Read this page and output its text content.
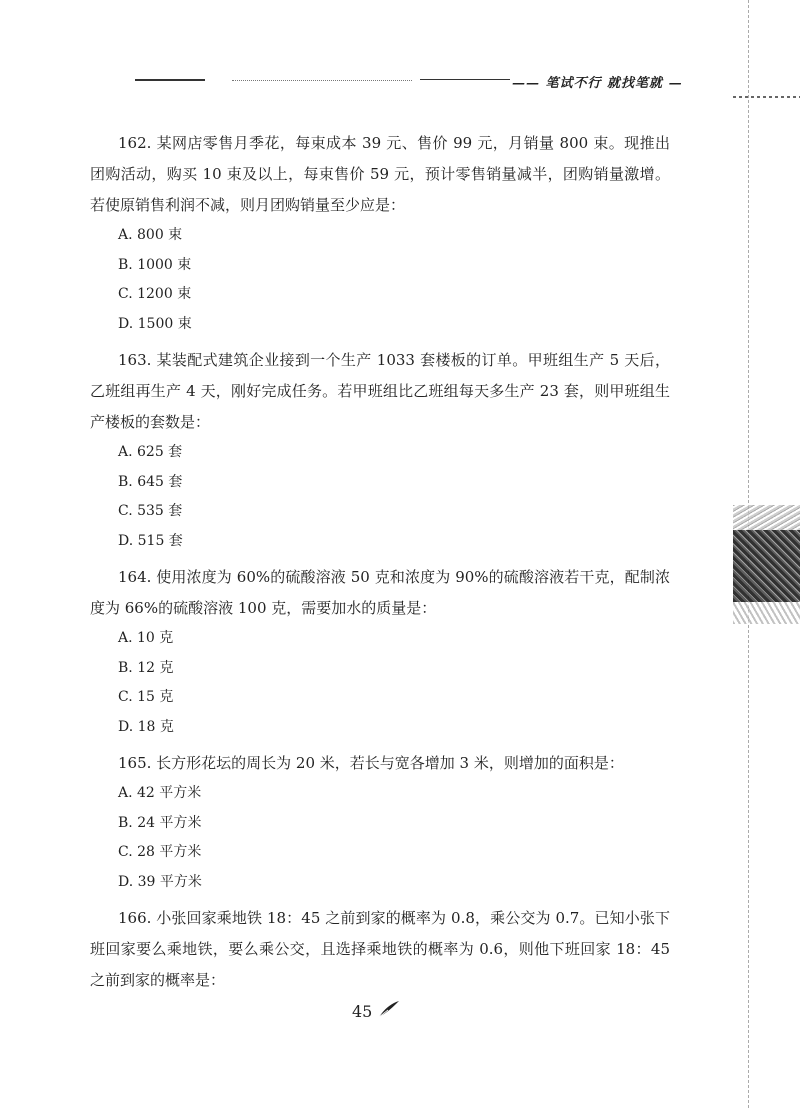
—— 笔试不行 就找笔就 —

162. 某网店零售月季花，每束成本 39 元、售价 99 元，月销量 800 束。现推出团购活动，购买 10 束及以上，每束售价 59 元，预计零售销量减半，团购销量激增。若使原销售利润不减，则月团购销量至少应是：

A. 800 束
B. 1000 束
C. 1200 束
D. 1500 束

163. 某装配式建筑企业接到一个生产 1033 套楼板的订单。甲班组生产 5 天后，乙班组再生产 4 天，刚好完成任务。若甲班组比乙班组每天多生产 23 套，则甲班组生产楼板的套数是：

A. 625 套
B. 645 套
C. 535 套
D. 515 套

164. 使用浓度为 60%的硫酸溶液 50 克和浓度为 90%的硫酸溶液若干克，配制浓度为 66%的硫酸溶液 100 克，需要加水的质量是：

A. 10 克
B. 12 克
C. 15 克
D. 18 克

165. 长方形花坛的周长为 20 米，若长与宽各增加 3 米，则增加的面积是：

A. 42 平方米
B. 24 平方米
C. 28 平方米
D. 39 平方米

166. 小张回家乘地铁 18：45 之前到家的概率为 0.8，乘公交为 0.7。已知小张下班回家要么乘地铁，要么乘公交，且选择乘地铁的概率为 0.6，则他下班回家 18：45 之前到家的概率是：

45
